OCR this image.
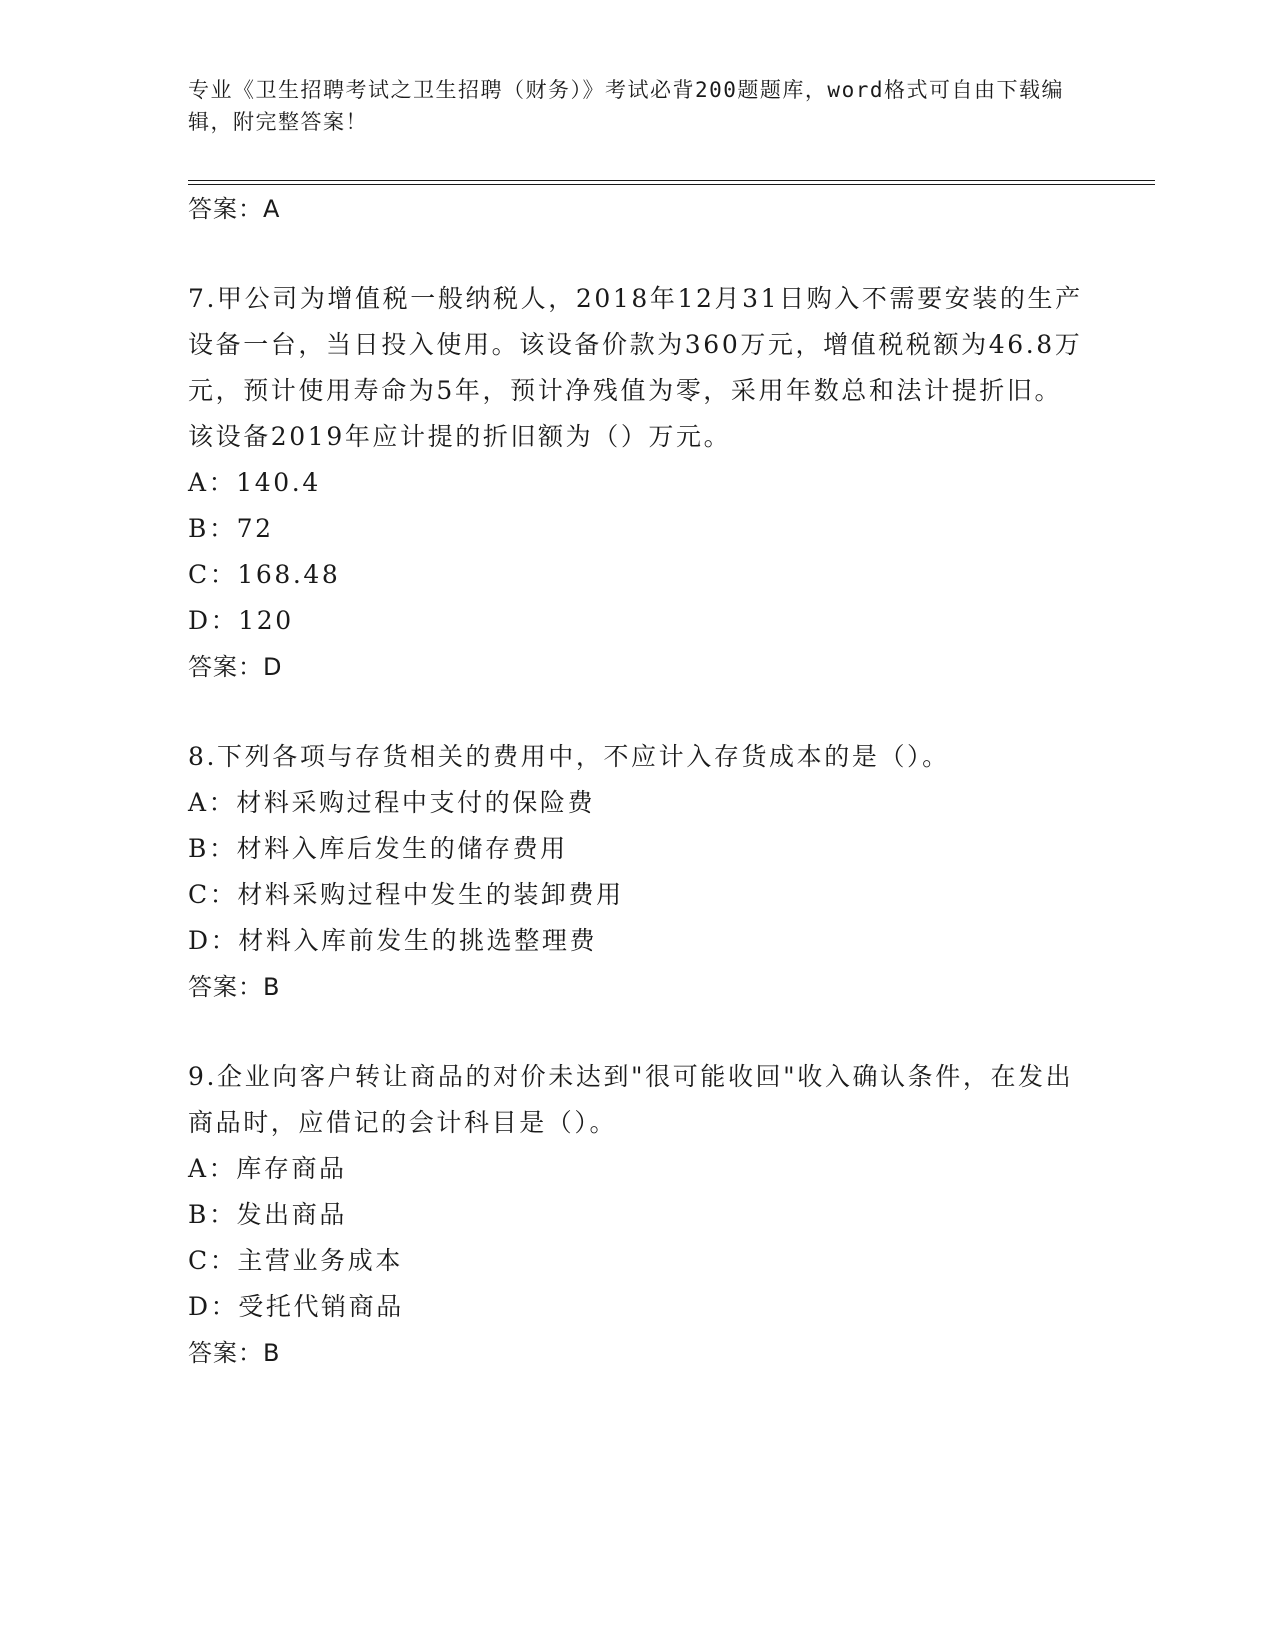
专业《卫生招聘考试之卫生招聘（财务）》考试必背200题题库，word格式可自由下载编辑，附完整答案！
答案：A
7.甲公司为增值税一般纳税人，2018年12月31日购入不需要安装的生产设备一台，当日投入使用。该设备价款为360万元，增值税税额为46.8万元，预计使用寿命为5年，预计净残值为零，采用年数总和法计提折旧。该设备2019年应计提的折旧额为（）万元。
A：140.4
B：72
C：168.48
D：120
答案：D
8.下列各项与存货相关的费用中，不应计入存货成本的是（）。
A：材料采购过程中支付的保险费
B：材料入库后发生的储存费用
C：材料采购过程中发生的装卸费用
D：材料入库前发生的挑选整理费
答案：B
9.企业向客户转让商品的对价未达到"很可能收回"收入确认条件，在发出商品时，应借记的会计科目是（）。
A：库存商品
B：发出商品
C：主营业务成本
D：受托代销商品
答案：B
